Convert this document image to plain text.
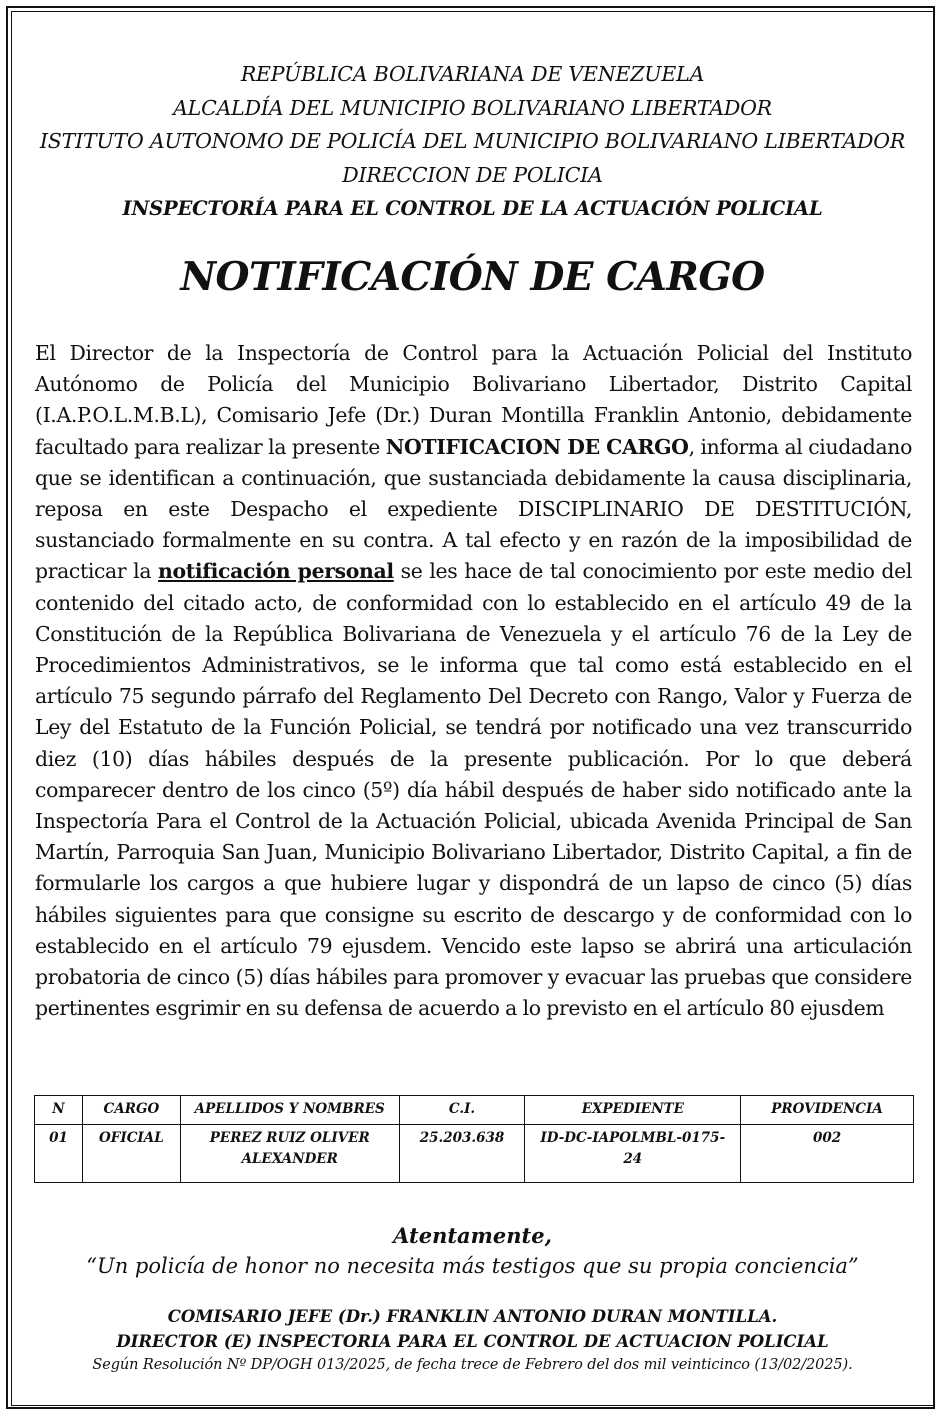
REPÚBLICA BOLIVARIANA DE VENEZUELA
ALCALDÍA DEL MUNICIPIO BOLIVARIANO LIBERTADOR
ISTITUTO AUTONOMO DE POLICÍA DEL MUNICIPIO BOLIVARIANO LIBERTADOR
DIRECCION DE POLICIA
INSPECTORÍA PARA EL CONTROL DE LA ACTUACIÓN POLICIAL
NOTIFICACIÓN DE CARGO
El Director de la Inspectoría de Control para la Actuación Policial del Instituto Autónomo de Policía del Municipio Bolivariano Libertador, Distrito Capital (I.A.P.O.L.M.B.L), Comisario Jefe (Dr.) Duran Montilla Franklin Antonio, debidamente facultado para realizar la presente NOTIFICACION DE CARGO, informa al ciudadano que se identifican a continuación, que sustanciada debidamente la causa disciplinaria, reposa en este Despacho el expediente DISCIPLINARIO DE DESTITUCIÓN, sustanciado formalmente en su contra. A tal efecto y en razón de la imposibilidad de practicar la notificación personal se les hace de tal conocimiento por este medio del contenido del citado acto, de conformidad con lo establecido en el artículo 49 de la Constitución de la República Bolivariana de Venezuela y el artículo 76 de la Ley de Procedimientos Administrativos, se le informa que tal como está establecido en el artículo 75 segundo párrafo del Reglamento Del Decreto con Rango, Valor y Fuerza de Ley del Estatuto de la Función Policial, se tendrá por notificado una vez transcurrido diez (10) días hábiles después de la presente publicación. Por lo que deberá comparecer dentro de los cinco (5º) día hábil después de haber sido notificado ante la Inspectoría Para el Control de la Actuación Policial, ubicada Avenida Principal de San Martín, Parroquia San Juan, Municipio Bolivariano Libertador, Distrito Capital, a fin de formularle los cargos a que hubiere lugar y dispondrá de un lapso de cinco (5) días hábiles siguientes para que consigne su escrito de descargo y de conformidad con lo establecido en el artículo 79 ejusdem. Vencido este lapso se abrirá una articulación probatoria de cinco (5) días hábiles para promover y evacuar las pruebas que considere pertinentes esgrimir en su defensa de acuerdo a lo previsto en el artículo 80 ejusdem
N	CARGO	APELLIDOS Y NOMBRES	C.I.	EXPEDIENTE	PROVIDENCIA
01	OFICIAL	PEREZ RUIZ OLIVER ALEXANDER	25.203.638	ID-DC-IAPOLMBL-0175-24	002
Atentamente,
“Un policía de honor no necesita más testigos que su propia conciencia”
COMISARIO JEFE (Dr.) FRANKLIN ANTONIO DURAN MONTILLA.
DIRECTOR (E) INSPECTORIA PARA EL CONTROL DE ACTUACION POLICIAL
Según Resolución Nº DP/OGH 013/2025, de fecha trece de Febrero del dos mil veinticinco (13/02/2025).
